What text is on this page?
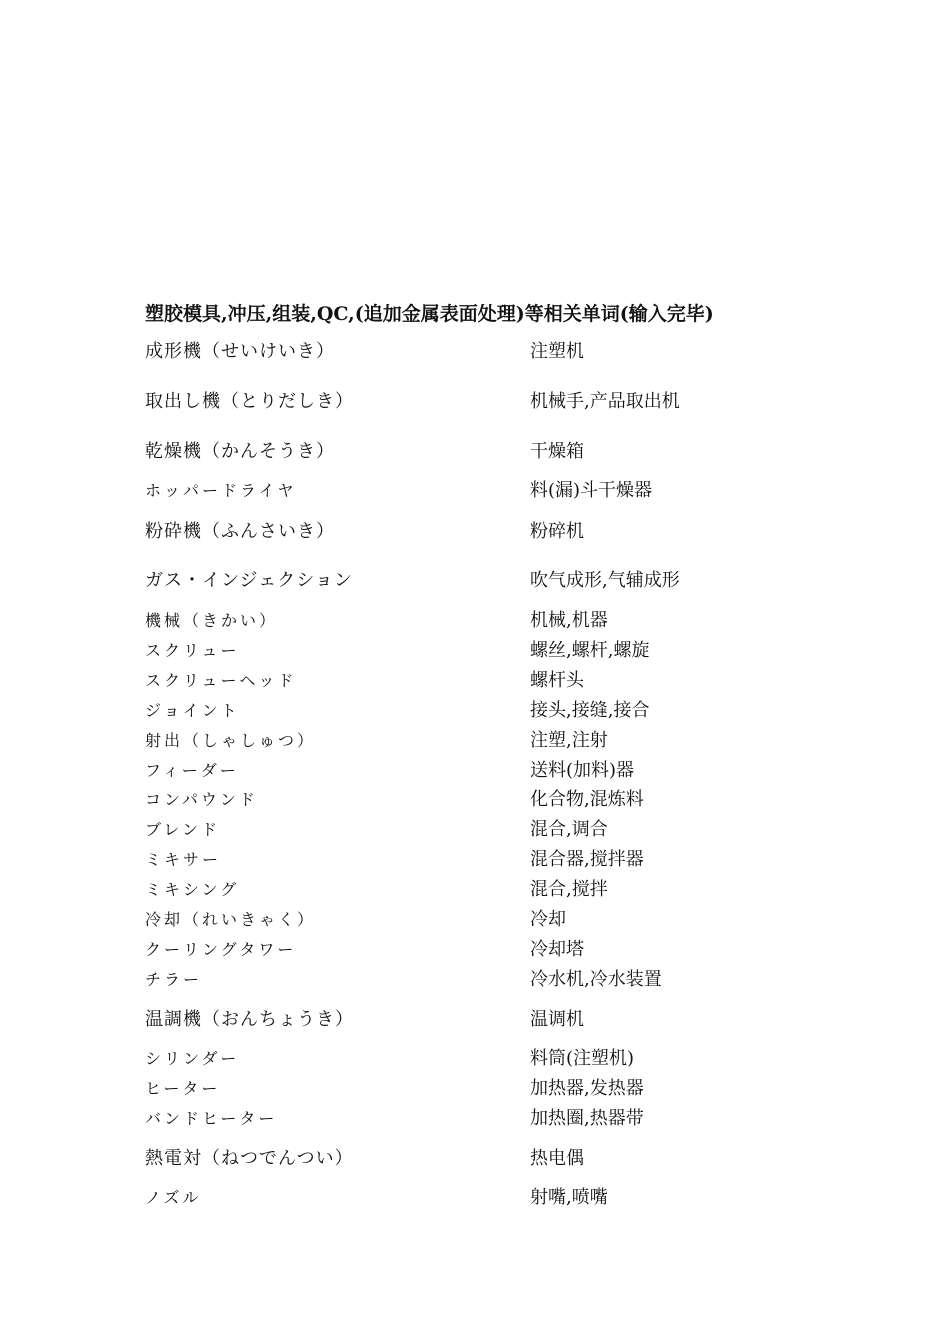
塑胶模具,冲压,组装,QC,(追加金属表面处理)等相关单词(输入完毕)
成形機（せいけいき）	注塑机
取出し機（とりだしき）	机械手,产品取出机
乾燥機（かんそうき）	干燥箱
ホッパードライヤ	料(漏)斗干燥器
粉砕機（ふんさいき）	粉碎机
ガス・インジェクション	吹气成形,气辅成形
機械（きかい）	机械,机器
スクリュー	螺丝,螺杆,螺旋
スクリューヘッド	螺杆头
ジョイント	接头,接缝,接合
射出（しゃしゅつ）	注塑,注射
フィーダー	送料(加料)器
コンパウンド	化合物,混炼料
ブレンド	混合,调合
ミキサー	混合器,搅拌器
ミキシング	混合,搅拌
冷却（れいきゃく）	冷却
クーリングタワー	冷却塔
チラー	冷水机,冷水装置
温調機（おんちょうき）	温调机
シリンダー	料筒(注塑机)
ヒーター	加热器,发热器
バンドヒーター	加热圈,热器带
熱電対（ねつでんつい）	热电偶
ノズル	射嘴,喷嘴
